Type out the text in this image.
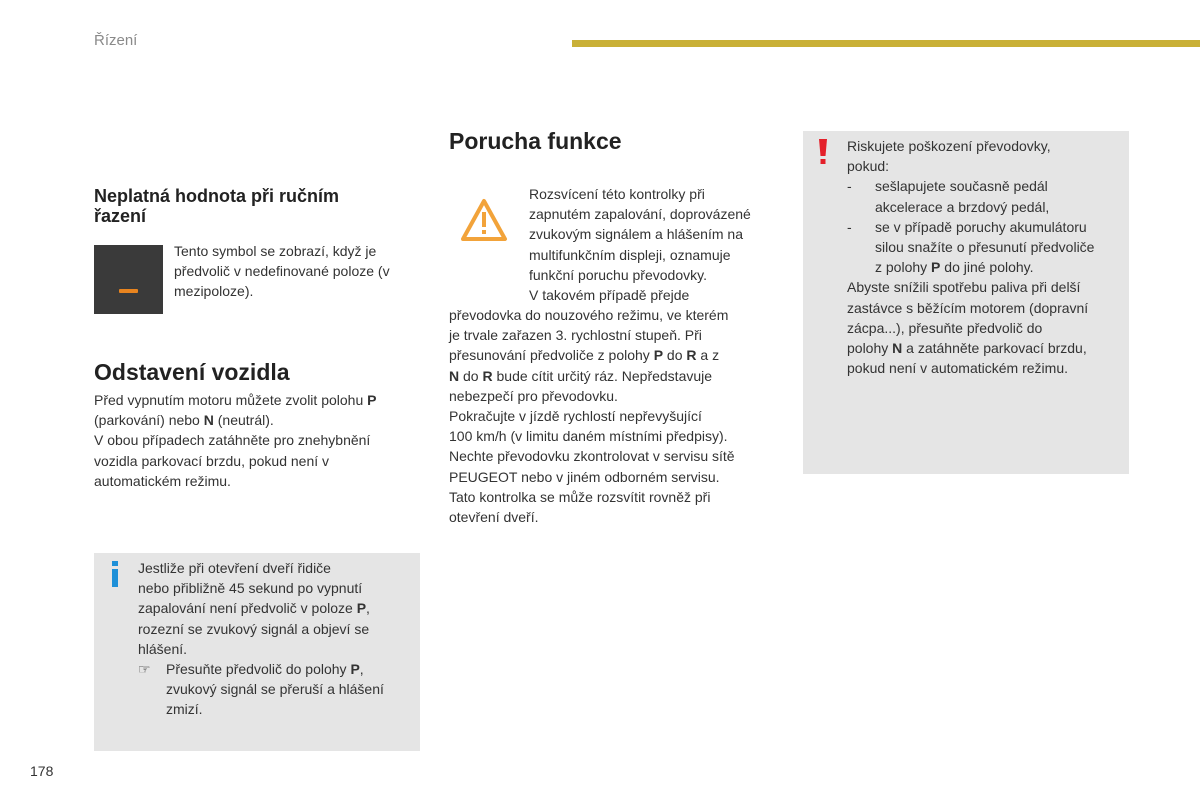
Řízení
Neplatná hodnota při ručním řazení
Tento symbol se zobrazí, když je předvolič v nedefinované poloze (v mezipoloze).
Odstavení vozidla
Před vypnutím motoru můžete zvolit polohu P
(parkování) nebo N (neutrál).
V obou případech zatáhněte pro znehybnění
vozidla parkovací brzdu, pokud není v
automatickém režimu.
Jestliže při otevření dveří řidiče
nebo přibližně 45 sekund po vypnutí
zapalování není předvolič v poloze P,
rozezní se zvukový signál a objeví se
hlášení.
☞ Přesuňte předvolič do polohy P,
zvukový signál se přeruší a hlášení
zmizí.
Porucha funkce
Rozsvícení této kontrolky při
zapnutém zapalování, doprovázené
zvukovým signálem a hlášením na
multifunkčním displeji, oznamuje
funkční poruchu převodovky.
V takovém případě přejde
převodovka do nouzového režimu, ve kterém
je trvale zařazen 3. rychlostní stupeň. Při
přesunování předvoliče z polohy P do R a z
N do R bude cítit určitý ráz. Nepředstavuje
nebezpečí pro převodovku.
Pokračujte v jízdě rychlostí nepřevyšující
100 km/h (v limitu daném místními předpisy).
Nechte převodovku zkontrolovat v servisu sítě
PEUGEOT nebo v jiném odborném servisu.
Tato kontrolka se může rozsvítit rovněž při
otevření dveří.
Riskujete poškození převodovky,
pokud:
- sešlapujete současně pedál
akcelerace a brzdový pedál,
- se v případě poruchy akumulátoru
silou snažíte o přesunutí předvoliče
z polohy P do jiné polohy.
Abyste snížili spotřebu paliva při delší
zastávce s běžícím motorem (dopravní
zácpa...), přesuňte předvolič do
polohy N a zatáhněte parkovací brzdu,
pokud není v automatickém režimu.
178
